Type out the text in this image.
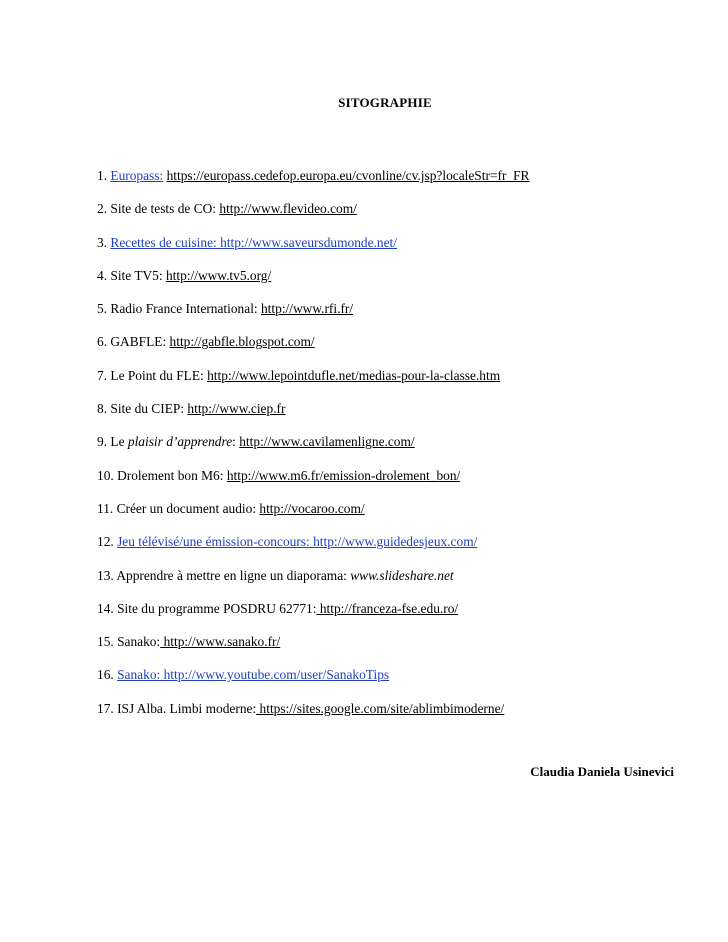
SITOGRAPHIE
1. Europass: https://europass.cedefop.europa.eu/cvonline/cv.jsp?localeStr=fr_FR
2. Site de tests de CO: http://www.flevideo.com/
3. Recettes de cuisine: http://www.saveursdumonde.net/
4. Site TV5: http://www.tv5.org/
5. Radio France International: http://www.rfi.fr/
6. GABFLE: http://gabfle.blogspot.com/
7. Le Point du FLE: http://www.lepointdufle.net/medias-pour-la-classe.htm
8. Site du CIEP: http://www.ciep.fr
9. Le plaisir d’apprendre: http://www.cavilamenligne.com/
10. Drolement bon M6: http://www.m6.fr/emission-drolement_bon/
11. Créer un document audio: http://vocaroo.com/
12. Jeu télévisé/une émission-concours: http://www.guidedesjeux.com/
13. Apprendre à mettre en ligne un diaporama: www.slideshare.net
14. Site du programme POSDRU 62771: http://franceza-fse.edu.ro/
15. Sanako: http://www.sanako.fr/
16. Sanako: http://www.youtube.com/user/SanakoTips
17. ISJ Alba. Limbi moderne: https://sites.google.com/site/ablimbimoderne/
Claudia Daniela Usinevici
